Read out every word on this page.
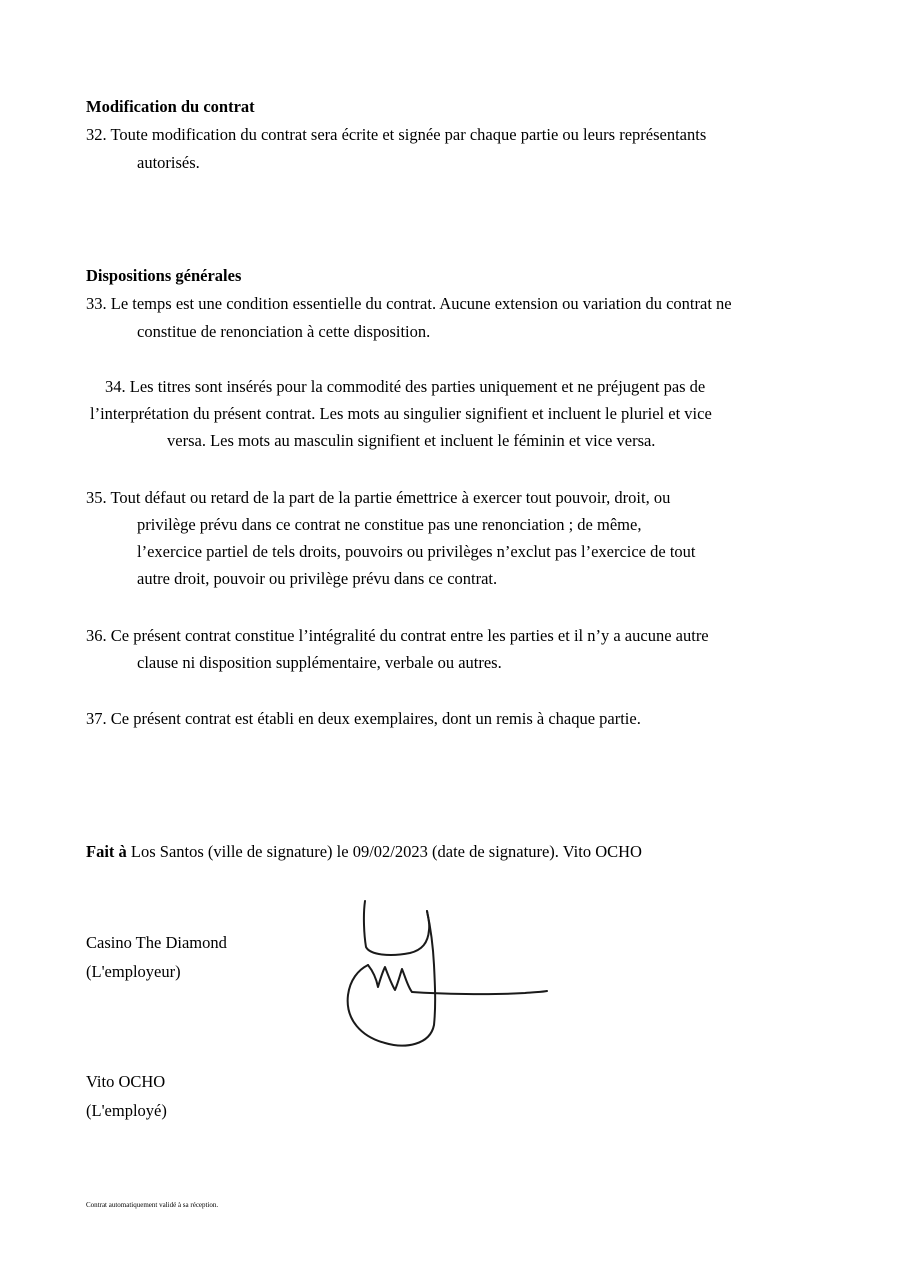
Modification du contrat
32. Toute modification du contrat sera écrite et signée par chaque partie ou leurs représentants
autorisés.
Dispositions générales
33. Le temps est une condition essentielle du contrat. Aucune extension ou variation du contrat ne
constitue de renonciation à cette disposition.
34. Les titres sont insérés pour la commodité des parties uniquement et ne préjugent pas de
l’interprétation du présent contrat. Les mots au singulier signifient et incluent le pluriel et vice
versa. Les mots au masculin signifient et incluent le féminin et vice versa.
35. Tout défaut ou retard de la part de la partie émettrice à exercer tout pouvoir, droit, ou
privilège prévu dans ce contrat ne constitue pas une renonciation ; de même,
l’exercice partiel de tels droits, pouvoirs ou privilèges n’exclut pas l’exercice de tout
autre droit, pouvoir ou privilège prévu dans ce contrat.
36. Ce présent contrat constitue l’intégralité du contrat entre les parties et il n’y a aucune autre
clause ni disposition supplémentaire, verbale ou autres.
37. Ce présent contrat est établi en deux exemplaires, dont un remis à chaque partie.
Fait à Los Santos (ville de signature) le 09/02/2023 (date de signature). Vito OCHO
Casino The Diamond
(L'employeur)
Vito OCHO
(L'employé)
Contrat automatiquement validé à sa réception.
